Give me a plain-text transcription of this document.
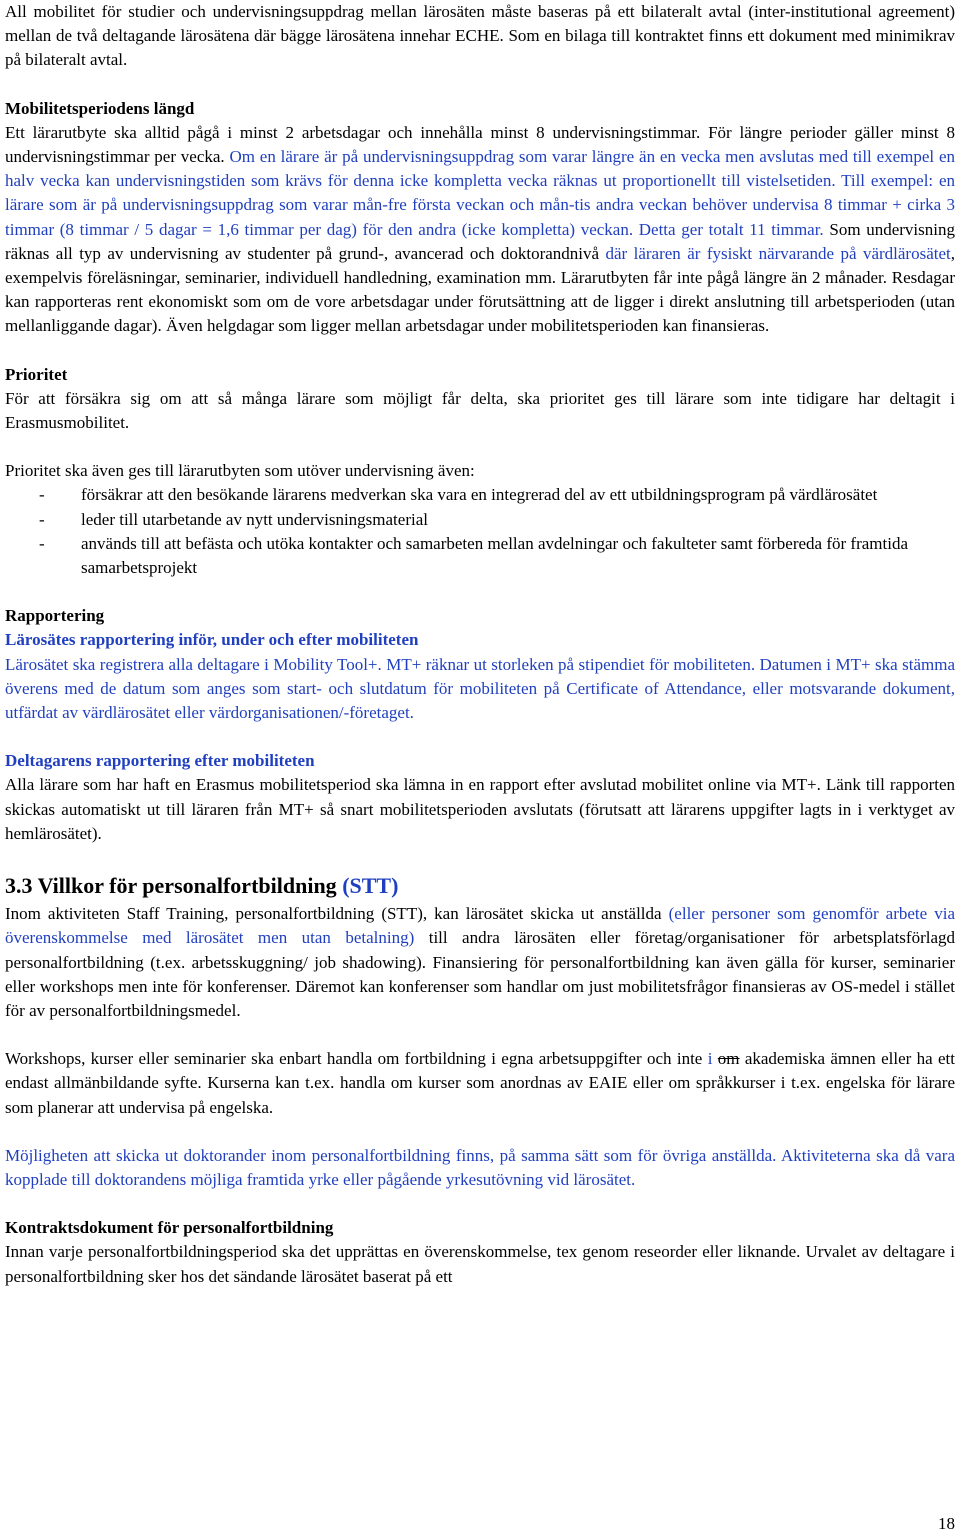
All mobilitet för studier och undervisningsuppdrag mellan lärosäten måste baseras på ett bilateralt avtal (inter-institutional agreement) mellan de två deltagande lärosätena där bägge lärosätena innehar ECHE. Som en bilaga till kontraktet finns ett dokument med minimikrav på bilateralt avtal.

Mobilitetsperiodens längd

Ett lärarutbyte ska alltid pågå i minst 2 arbetsdagar och innehålla minst 8 undervisningstimmar. För längre perioder gäller minst 8 undervisningstimmar per vecka. Om en lärare är på undervisningsuppdrag som varar längre än en vecka men avslutas med till exempel en halv vecka kan undervisningstiden som krävs för denna icke kompletta vecka räknas ut proportionellt till vistelsetiden. Till exempel: en lärare som är på undervisningsuppdrag som varar mån-fre första veckan och mån-tis andra veckan behöver undervisa 8 timmar + cirka 3 timmar (8 timmar / 5 dagar = 1,6 timmar per dag) för den andra (icke kompletta) veckan. Detta ger totalt 11 timmar. Som undervisning räknas all typ av undervisning av studenter på grund-, avancerad och doktorandnivå där läraren är fysiskt närvarande på värdlärosätet, exempelvis föreläsningar, seminarier, individuell handledning, examination mm. Lärarutbyten får inte pågå längre än 2 månader. Resdagar kan rapporteras rent ekonomiskt som om de vore arbetsdagar under förutsättning att de ligger i direkt anslutning till arbetsperioden (utan mellanliggande dagar). Även helgdagar som ligger mellan arbetsdagar under mobilitetsperioden kan finansieras.

Prioritet

För att försäkra sig om att så många lärare som möjligt får delta, ska prioritet ges till lärare som inte tidigare har deltagit i Erasmusmobilitet.

Prioritet ska även ges till lärarutbyten som utöver undervisning även:

- försäkrar att den besökande lärarens medverkan ska vara en integrerad del av ett utbildningsprogram på värdlärosätet
- leder till utarbetande av nytt undervisningsmaterial
- används till att befästa och utöka kontakter och samarbeten mellan avdelningar och fakulteter samt förbereda för framtida samarbetsprojekt

Rapportering

Lärosätes rapportering inför, under och efter mobiliteten

Lärosätet ska registrera alla deltagare i Mobility Tool+. MT+ räknar ut storleken på stipendiet för mobiliteten. Datumen i MT+ ska stämma överens med de datum som anges som start- och slutdatum för mobiliteten på Certificate of Attendance, eller motsvarande dokument, utfärdat av värdlärosätet eller värdorganisationen/-företaget.

Deltagarens rapportering efter mobiliteten

Alla lärare som har haft en Erasmus mobilitetsperiod ska lämna in en rapport efter avslutad mobilitet online via MT+. Länk till rapporten skickas automatiskt ut till läraren från MT+ så snart mobilitetsperioden avslutats (förutsatt att lärarens uppgifter lagts in i verktyget av hemlärosätet).

3.3 Villkor för personalfortbildning (STT)

Inom aktiviteten Staff Training, personalfortbildning (STT), kan lärosätet skicka ut anställda (eller personer som genomför arbete via överenskommelse med lärosätet men utan betalning) till andra lärosäten eller företag/organisationer för arbetsplatsförlagd personalfortbildning (t.ex. arbetsskuggning/ job shadowing). Finansiering för personalfortbildning kan även gälla för kurser, seminarier eller workshops men inte för konferenser. Däremot kan konferenser som handlar om just mobilitetsfrågor finansieras av OS-medel i stället för av personalfortbildningsmedel.

Workshops, kurser eller seminarier ska enbart handla om fortbildning i egna arbetsuppgifter och inte i om akademiska ämnen eller ha ett endast allmänbildande syfte. Kurserna kan t.ex. handla om kurser som anordnas av EAIE eller om språkkurser i t.ex. engelska för lärare som planerar att undervisa på engelska.

Möjligheten att skicka ut doktorander inom personalfortbildning finns, på samma sätt som för övriga anställda. Aktiviteterna ska då vara kopplade till doktorandens möjliga framtida yrke eller pågående yrkesutövning vid lärosätet.

Kontraktsdokument för personalfortbildning

Innan varje personalfortbildningsperiod ska det upprättas en överenskommelse, tex genom reseorder eller liknande. Urvalet av deltagare i personalfortbildning sker hos det sändande lärosätet baserat på ett

18
